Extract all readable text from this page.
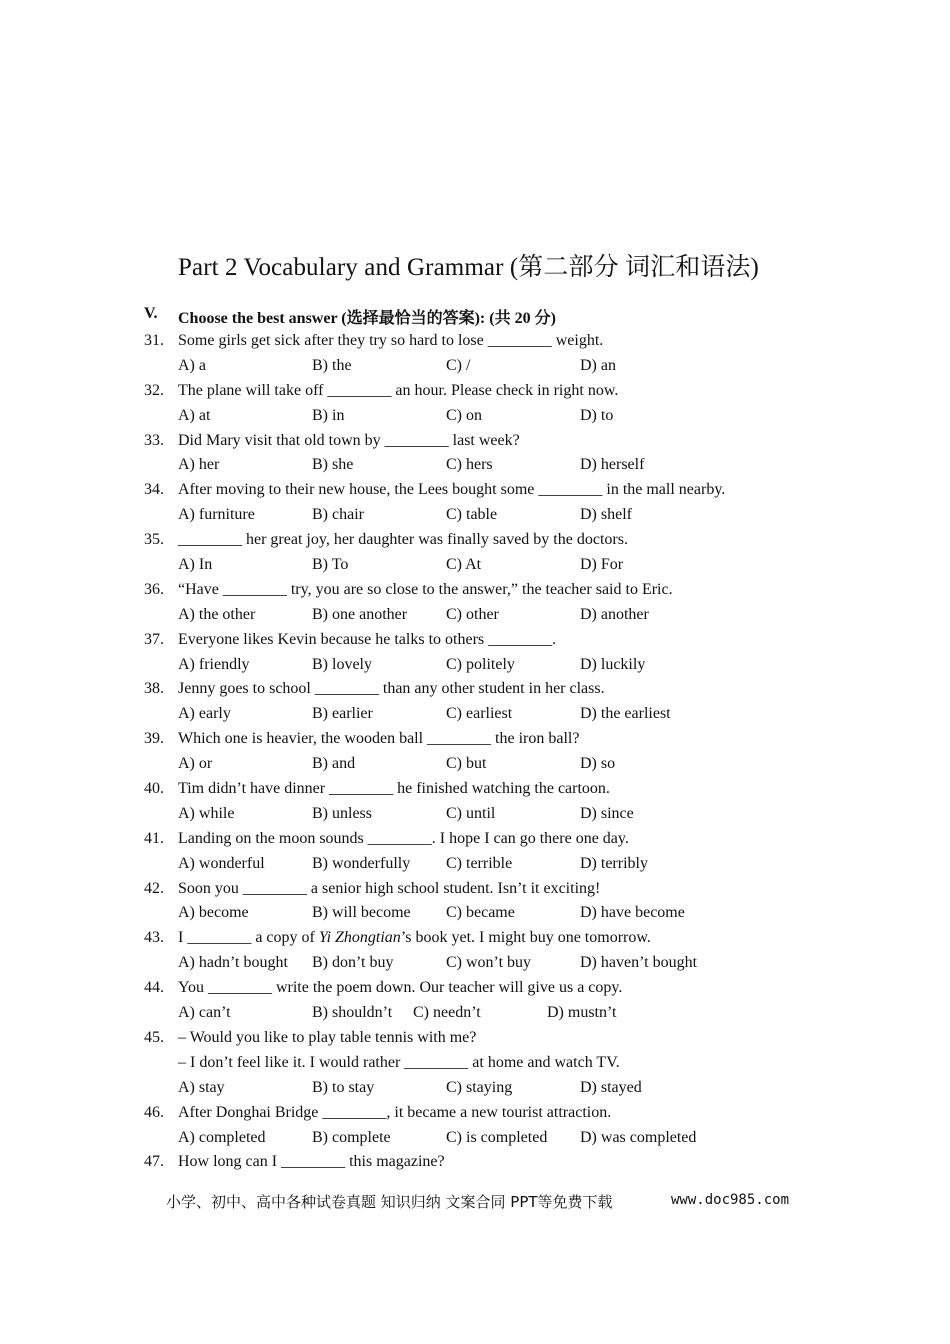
Part 2 Vocabulary and Grammar (第二部分 词汇和语法)
V. Choose the best answer (选择最恰当的答案): (共 20 分)
31. Some girls get sick after they try so hard to lose ________ weight.
A) a	B) the	C) /	D) an
32. The plane will take off ________ an hour. Please check in right now.
A) at	B) in	C) on	D) to
33. Did Mary visit that old town by ________ last week?
A) her	B) she	C) hers	D) herself
34. After moving to their new house, the Lees bought some ________ in the mall nearby.
A) furniture	B) chair	C) table	D) shelf
35. ________ her great joy, her daughter was finally saved by the doctors.
A) In	B) To	C) At	D) For
36. “Have ________ try, you are so close to the answer,” the teacher said to Eric.
A) the other	B) one another C) other	D) another
37. Everyone likes Kevin because he talks to others ________.
A) friendly	B) lovely	C) politely	D) luckily
38. Jenny goes to school ________ than any other student in her class.
A) early	B) earlier	C) earliest	D) the earliest
39. Which one is heavier, the wooden ball ________ the iron ball?
A) or	B) and	C) but	D) so
40. Tim didn’t have dinner ________ he finished watching the cartoon.
A) while	B) unless	C) until	D) since
41. Landing on the moon sounds ________. I hope I can go there one day.
A) wonderful	B) wonderfully C) terrible	D) terribly
42. Soon you ________ a senior high school student. Isn’t it exciting!
A) become	B) will become C) became	D) have become
43. I ________ a copy of Yi Zhongtian’s book yet. I might buy one tomorrow.
A) hadn’t bought B) don’t buy	C) won’t buy	D) haven’t bought
44. You ________ write the poem down. Our teacher will give us a copy.
A) can’t	B) shouldn’t C) needn’t	D) mustn’t
45. – Would you like to play table tennis with me?
– I don’t feel like it. I would rather ________ at home and watch TV.
A) stay	B) to stay	C) staying	D) stayed
46. After Donghai Bridge ________, it became a new tourist attraction.
A) completed	B) complete	C) is completed D) was completed
47. How long can I ________ this magazine?
小学、初中、高中各种试卷真题 知识归纳 文案合同 PPT等免费下载	www.doc985.com
